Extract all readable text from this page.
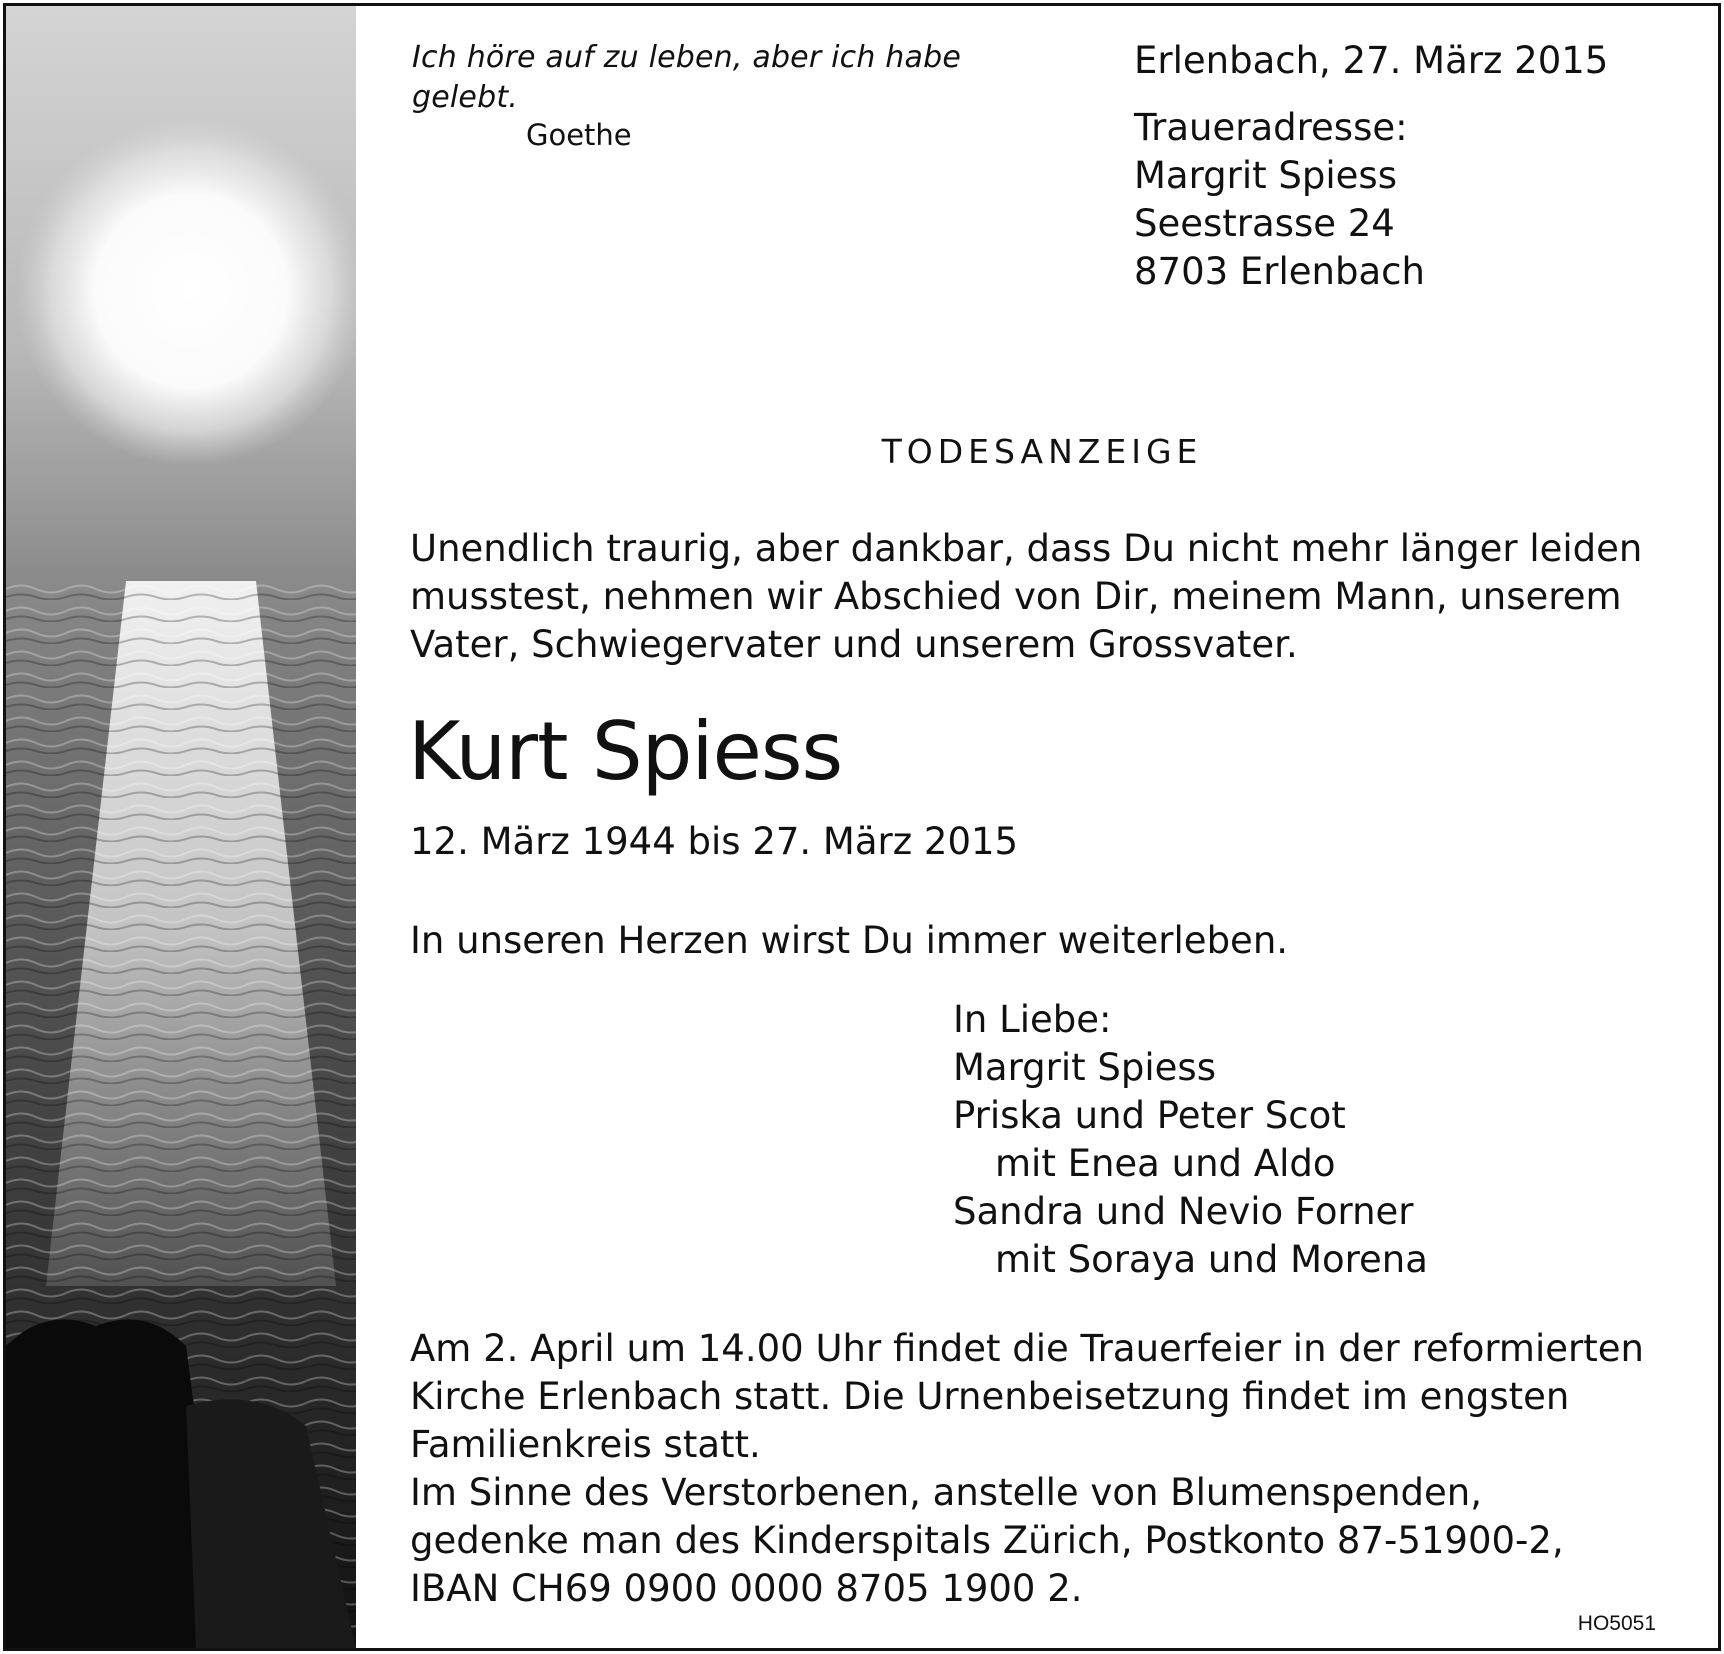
Ich höre auf zu leben, aber ich habe gelebt.
Goethe
Erlenbach, 27. März 2015
Traueradresse:
Margrit Spiess
Seestrasse 24
8703 Erlenbach
TODESANZEIGE
Unendlich traurig, aber dankbar, dass Du nicht mehr länger leiden musstest, nehmen wir Abschied von Dir, meinem Mann, unserem Vater, Schwiegervater und unserem Grossvater.
Kurt Spiess
12. März 1944 bis 27. März 2015
In unseren Herzen wirst Du immer weiterleben.
In Liebe:
Margrit Spiess
Priska und Peter Scot
mit Enea und Aldo
Sandra und Nevio Forner
mit Soraya und Morena
Am 2. April um 14.00 Uhr findet die Trauerfeier in der reformierten
Kirche Erlenbach statt. Die Urnenbeisetzung findet im engsten
Familienkreis statt.
Im Sinne des Verstorbenen, anstelle von Blumenspenden,
gedenke man des Kinderspitals Zürich, Postkonto 87-51900-2,
IBAN CH69 0900 0000 8705 1900 2.
HO5051
